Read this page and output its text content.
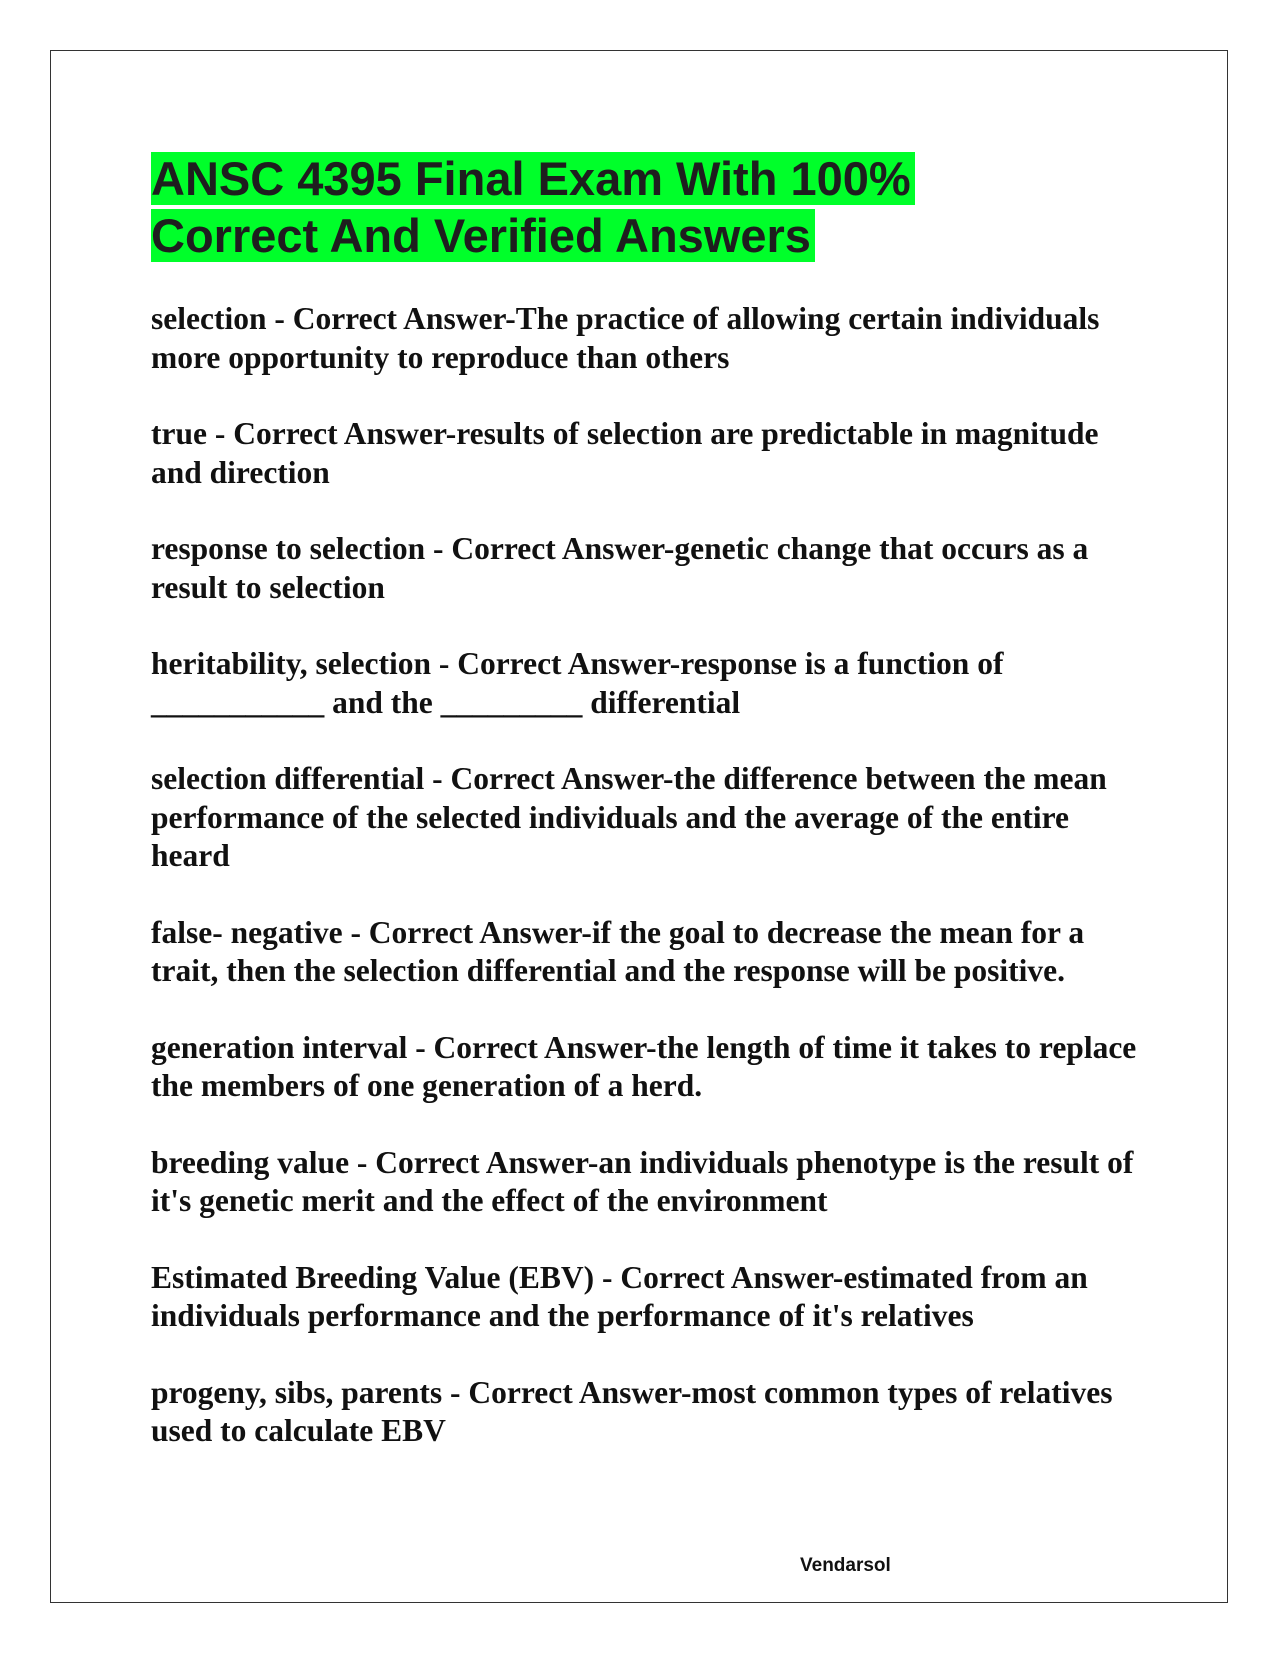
ANSC 4395 Final Exam With 100%
Correct And Verified Answers

selection - Correct Answer-The practice of allowing certain individuals more opportunity to reproduce than others

true - Correct Answer-results of selection are predictable in magnitude and direction

response to selection - Correct Answer-genetic change that occurs as a result to selection

heritability, selection - Correct Answer-response is a function of ___________ and the _________ differential

selection differential - Correct Answer-the difference between the mean performance of the selected individuals and the average of the entire heard

false- negative - Correct Answer-if the goal to decrease the mean for a trait, then the selection differential and the response will be positive.

generation interval - Correct Answer-the length of time it takes to replace the members of one generation of a herd.

breeding value - Correct Answer-an individuals phenotype is the result of it's genetic merit and the effect of the environment

Estimated Breeding Value (EBV) - Correct Answer-estimated from an individuals performance and the performance of it's relatives

progeny, sibs, parents - Correct Answer-most common types of relatives used to calculate EBV

Vendarsol
